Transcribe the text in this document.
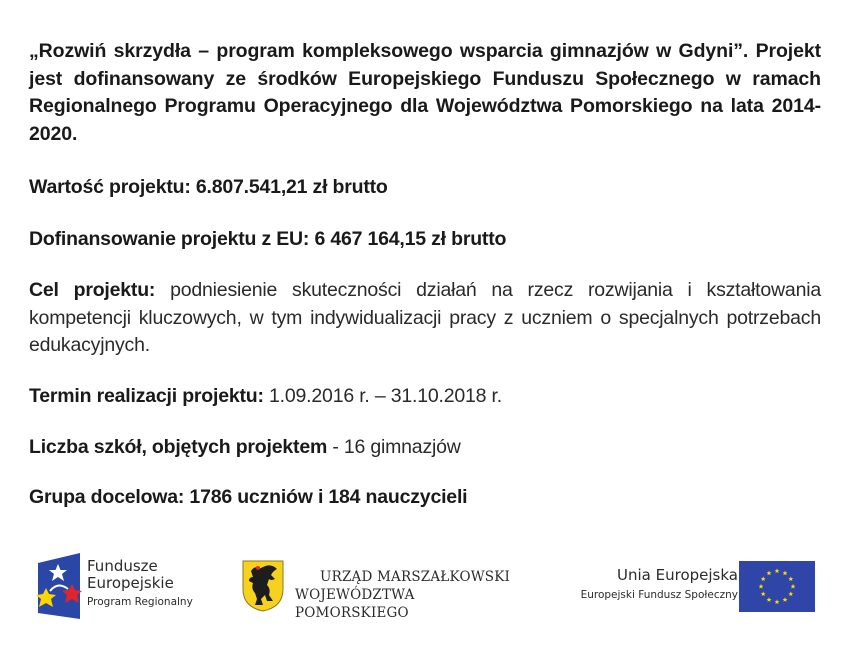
„Rozwiń skrzydła – program kompleksowego wsparcia gimnazjów w Gdyni”. Projekt jest dofinansowany ze środków Europejskiego Funduszu Społecznego w ramach Regionalnego Programu Operacyjnego dla Województwa Pomorskiego na lata 2014-2020.

Wartość projektu: 6.807.541,21 zł brutto

Dofinansowanie projektu z EU: 6 467 164,15 zł brutto

Cel projektu: podniesienie skuteczności działań na rzecz rozwijania i kształtowania kompetencji kluczowych, w tym indywidualizacji pracy z uczniem o specjalnych potrzebach edukacyjnych.

Termin realizacji projektu: 1.09.2016 r. – 31.10.2018 r.

Liczba szkół, objętych projektem - 16 gimnazjów

Grupa docelowa: 1786 uczniów i 184 nauczycieli

Fundusze
Europejskie
Program Regionalny
URZĄD MARSZAŁKOWSKI
WOJEWÓDZTWA POMORSKIEGO
Unia Europejska
Europejski Fundusz Społeczny
